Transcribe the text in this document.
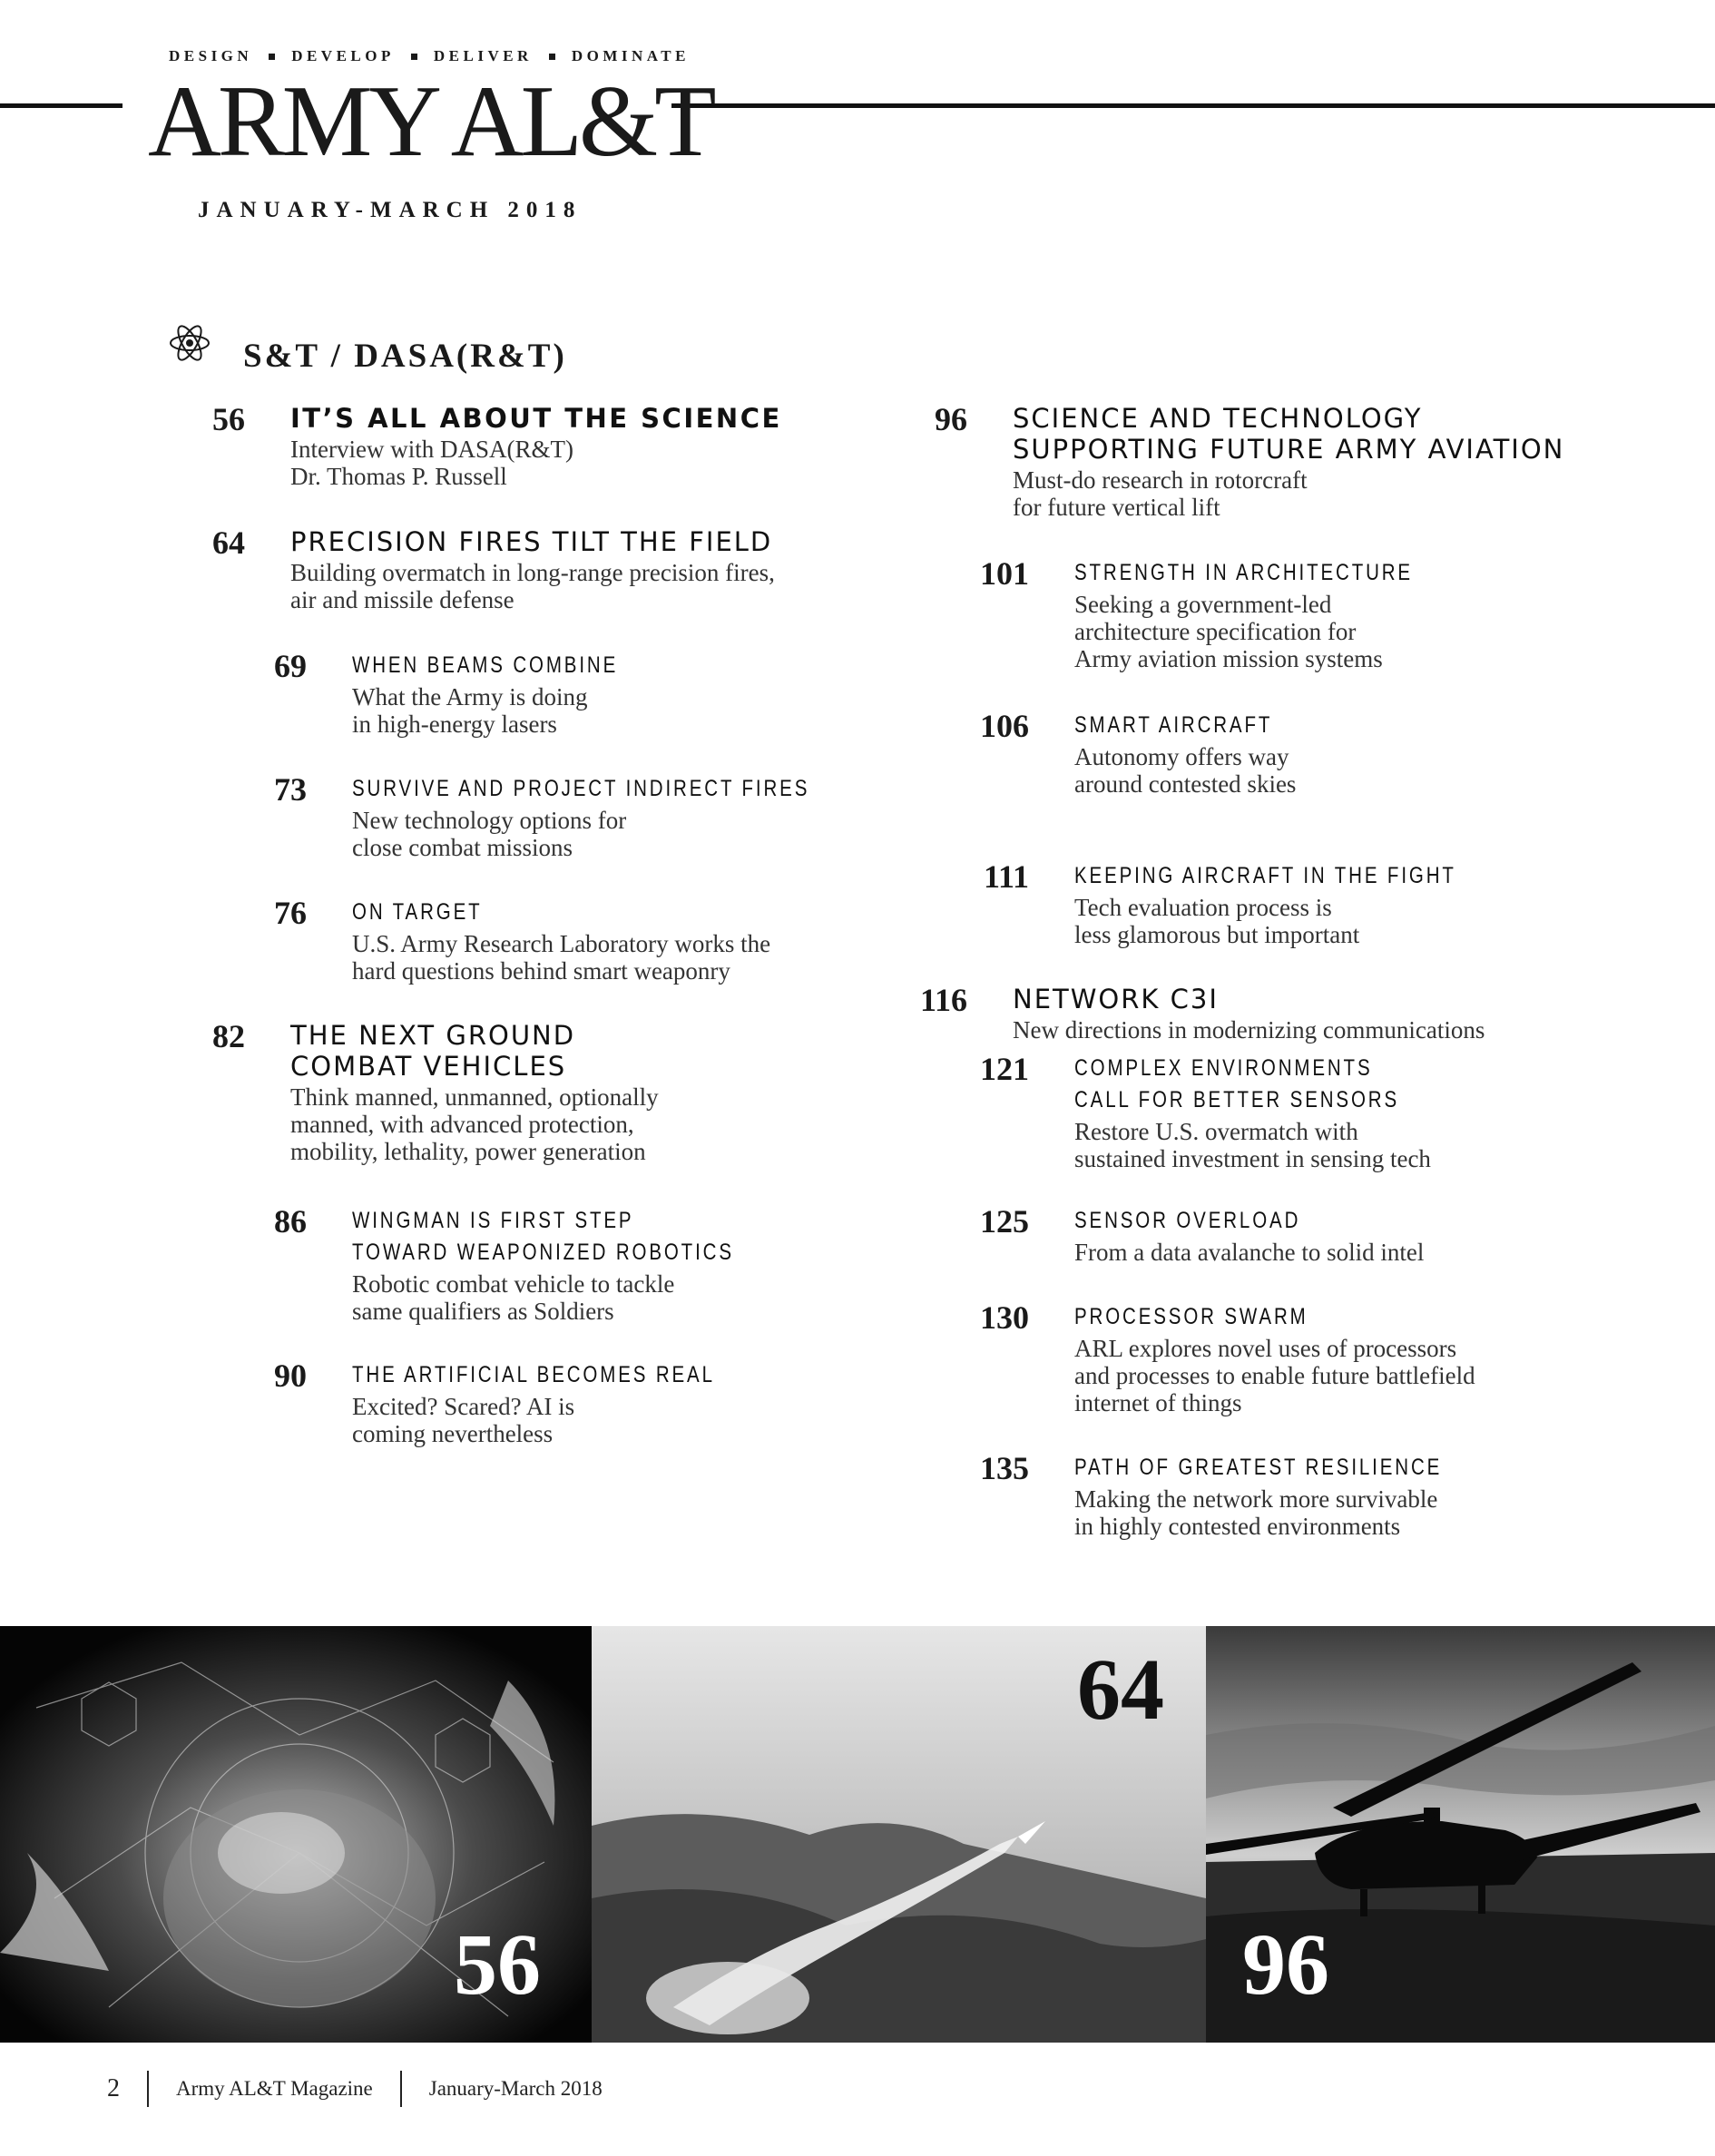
DESIGN	DEVELOP	DELIVER	DOMINATE
ARMY AL&T
JANUARY-MARCH 2018
S&T / DASA(R&T)
56 IT’S ALL ABOUT THE SCIENCE
Interview with DASA(R&T)
Dr. Thomas P. Russell
64 PRECISION FIRES TILT THE FIELD
Building overmatch in long-range precision fires,
air and missile defense
69 WHEN BEAMS COMBINE
What the Army is doing
in high-energy lasers
73 SURVIVE AND PROJECT INDIRECT FIRES
New technology options for
close combat missions
76 ON TARGET
U.S. Army Research Laboratory works the
hard questions behind smart weaponry
82 THE NEXT GROUND
COMBAT VEHICLES
Think manned, unmanned, optionally
manned, with advanced protection,
mobility, lethality, power generation
86 WINGMAN IS FIRST STEP
TOWARD WEAPONIZED ROBOTICS
Robotic combat vehicle to tackle
same qualifiers as Soldiers
90 THE ARTIFICIAL BECOMES REAL
Excited? Scared? AI is
coming nevertheless
96 SCIENCE AND TECHNOLOGY
SUPPORTING FUTURE ARMY AVIATION
Must-do research in rotorcraft
for future vertical lift
101 STRENGTH IN ARCHITECTURE
Seeking a government-led
architecture specification for
Army aviation mission systems
106 SMART AIRCRAFT
Autonomy offers way
around contested skies
111 KEEPING AIRCRAFT IN THE FIGHT
Tech evaluation process is
less glamorous but important
116 NETWORK C3I
New directions in modernizing communications
121 COMPLEX ENVIRONMENTS
CALL FOR BETTER SENSORS
Restore U.S. overmatch with
sustained investment in sensing tech
125 SENSOR OVERLOAD
From a data avalanche to solid intel
130 PROCESSOR SWARM
ARL explores novel uses of processors
and processes to enable future battlefield
internet of things
135 PATH OF GREATEST RESILIENCE
Making the network more survivable
in highly contested environments
56
64
96
2	Army AL&T Magazine	January-March 2018
